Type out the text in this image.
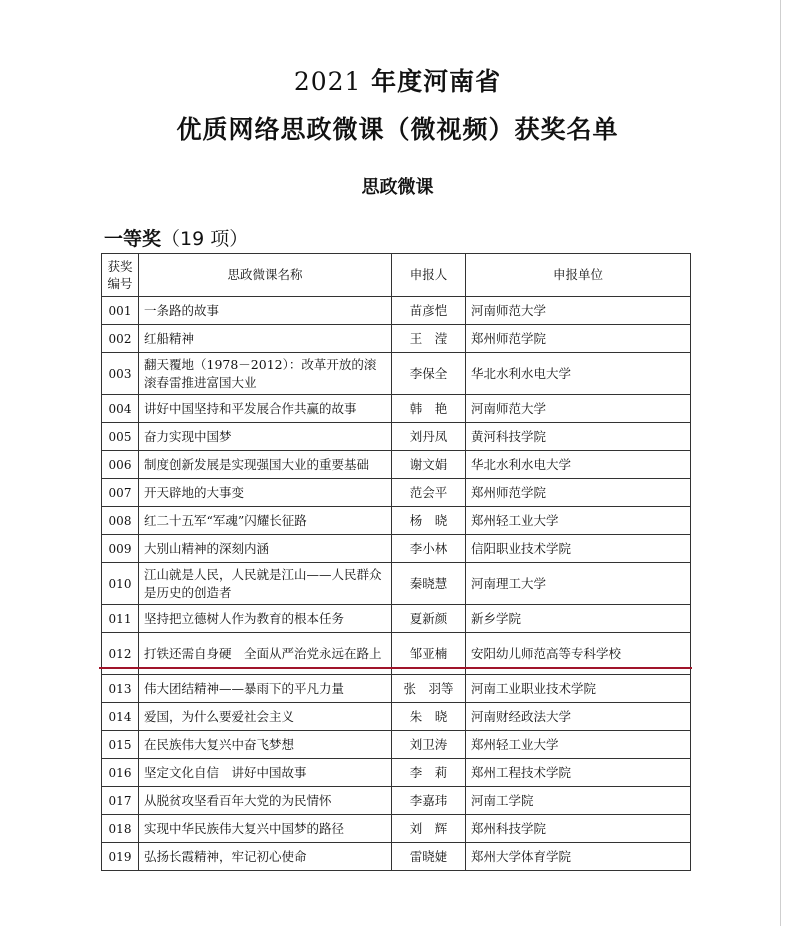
2021 年度河南省
优质网络思政微课（微视频）获奖名单
思政微课
一等奖（19 项）
获奖
编号	思政微课名称	申报人	申报单位
001	一条路的故事	苗彦恺	河南师范大学
002	红船精神	王　滢	郑州师范学院
003	翻天覆地（1978－2012）：改革开放的滚滚春雷推进富国大业	李保全	华北水利水电大学
004	讲好中国坚持和平发展合作共赢的故事	韩　艳	河南师范大学
005	奋力实现中国梦	刘丹凤	黄河科技学院
006	制度创新发展是实现强国大业的重要基础	谢文娟	华北水利水电大学
007	开天辟地的大事变	范会平	郑州师范学院
008	红二十五军“军魂”闪耀长征路	杨　晓	郑州轻工业大学
009	大别山精神的深刻内涵	李小林	信阳职业技术学院
010	江山就是人民，人民就是江山——人民群众是历史的创造者	秦晓慧	河南理工大学
011	坚持把立德树人作为教育的根本任务	夏新颜	新乡学院
012	打铁还需自身硬　全面从严治党永远在路上	邹亚楠	安阳幼儿师范高等专科学校
013	伟大团结精神——暴雨下的平凡力量	张　羽等	河南工业职业技术学院
014	爱国，为什么要爱社会主义	朱　晓	河南财经政法大学
015	在民族伟大复兴中奋飞梦想	刘卫涛	郑州轻工业大学
016	坚定文化自信　讲好中国故事	李　莉	郑州工程技术学院
017	从脱贫攻坚看百年大党的为民情怀	李嘉玮	河南工学院
018	实现中华民族伟大复兴中国梦的路径	刘　辉	郑州科技学院
019	弘扬长霞精神，牢记初心使命	雷晓婕	郑州大学体育学院
